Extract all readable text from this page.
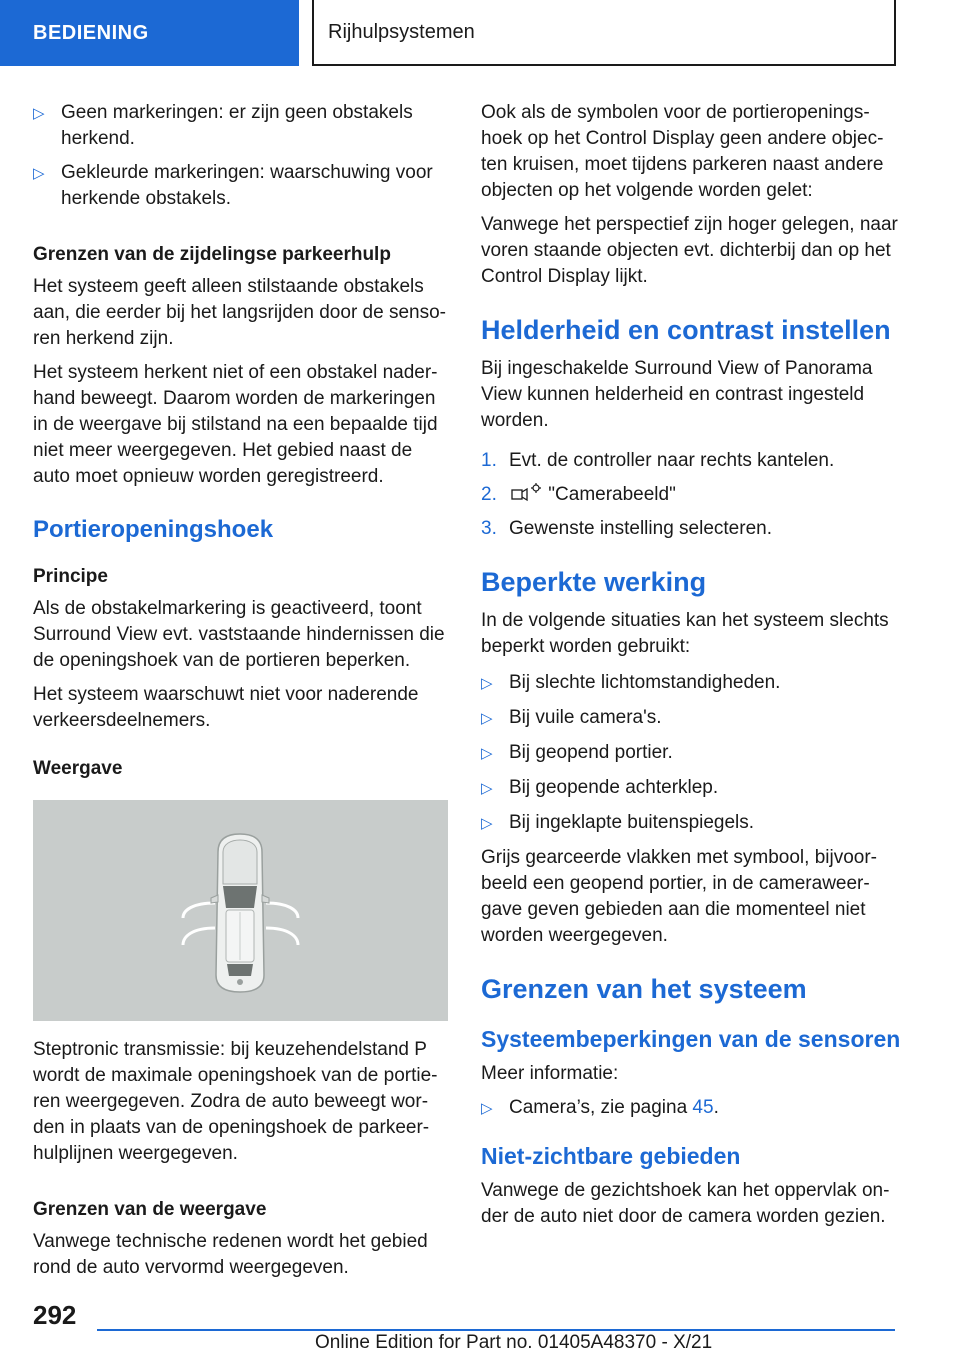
BEDIENING	Rijhulpsystemen
▷ Geen markeringen: er zijn geen obstakels herkend.
▷ Gekleurde markeringen: waarschuwing voor herkende obstakels.
Grenzen van de zijdelingse parkeerhulp

Het systeem geeft alleen stilstaande obstakels aan, die eerder bij het langsrijden door de senso‐ren herkend zijn.

Het systeem herkent niet of een obstakel nader‐hand beweegt. Daarom worden de markeringen in de weergave bij stilstand na een bepaalde tijd niet meer weergegeven. Het gebied naast de auto moet opnieuw worden geregistreerd.

Portieropeningshoek
Principe

Als de obstakelmarkering is geactiveerd, toont Surround View evt. vaststaande hindernissen die de openingshoek van de portieren beperken.

Het systeem waarschuwt niet voor naderende verkeersdeelnemers.

Weergave

Steptronic transmissie: bij keuzehendelstand P wordt de maximale openingshoek van de portie‐ren weergegeven. Zodra de auto beweegt wor‐den in plaats van de openingshoek de parkeer‐hulplijnen weergegeven.

Grenzen van de weergave

Vanwege technische redenen wordt het gebied rond de auto vervormd weergegeven.

Ook als de symbolen voor de portieropenings‐hoek op het Control Display geen andere objec‐ten kruisen, moet tijdens parkeren naast andere objecten op het volgende worden gelet:

Vanwege het perspectief zijn hoger gelegen, naar voren staande objecten evt. dichterbij dan op het Control Display lijkt.

Helderheid en contrast instellen

Bij ingeschakelde Surround View of Panorama View kunnen helderheid en contrast ingesteld worden.

1. Evt. de controller naar rechts kantelen.
2.	"Camerabeeld"
3. Gewenste instelling selecteren.
Beperkte werking

In de volgende situaties kan het systeem slechts beperkt worden gebruikt:

▷ Bij slechte lichtomstandigheden.
▷ Bij vuile camera's.
▷ Bij geopend portier.
▷ Bij geopende achterklep.
▷ Bij ingeklapte buitenspiegels.

Grijs gearceerde vlakken met symbool, bijvoor‐beeld een geopend portier, in de cameraweer‐gave geven gebieden aan die momenteel niet worden weergegeven.

Grenzen van het systeem
Systeembeperkingen van de sensoren

Meer informatie:

▷ Camera’s, zie pagina 45.
Niet-zichtbare gebieden

Vanwege de gezichtshoek kan het oppervlak on‐der de auto niet door de camera worden gezien.

292
Online Edition for Part no. 01405A48370 - X/21
